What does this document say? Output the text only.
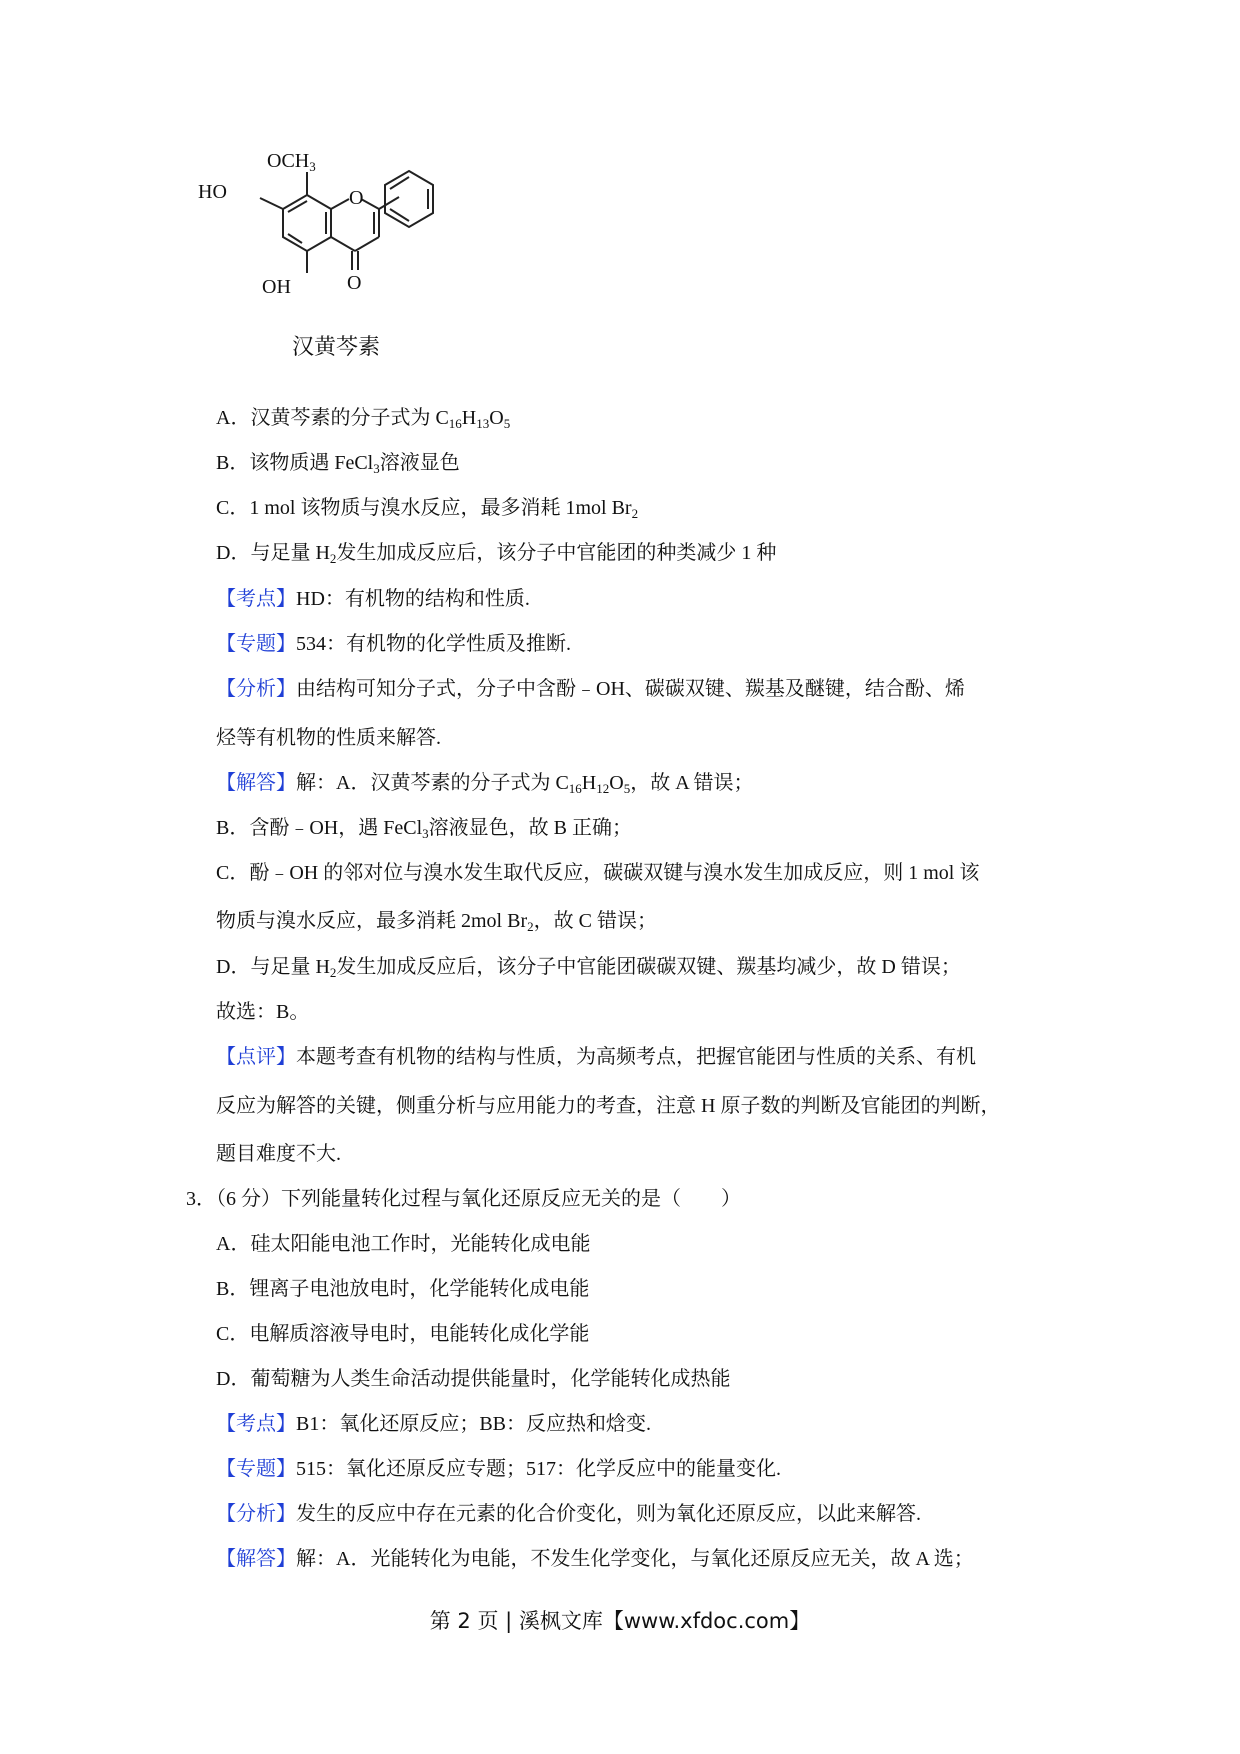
$OCH_3$
HO	O
OH	O
汉黄芩素
A．汉黄芩素的分子式为 $C_{16}H_{13}O_5$
B．该物质遇 FeCl$_3$溶液显色
C．1 mol 该物质与溴水反应，最多消耗 1mol $Br_2$
D．与足量 $H_2$发生加成反应后，该分子中官能团的种类减少 1 种
【考点】HD：有机物的结构和性质.
【专题】534：有机物的化学性质及推断.
【分析】由结构可知分子式，分子中含酚﹣OH、碳碳双键、羰基及醚键，结合酚、烯
烃等有机物的性质来解答.
【解答】解：A．汉黄芩素的分子式为 $C_{16}H_{12}O_5$，故 A 错误；
B．含酚﹣OH，遇 FeCl$_3$溶液显色，故 B 正确；
C．酚﹣OH 的邻对位与溴水发生取代反应，碳碳双键与溴水发生加成反应，则 1 mol 该
物质与溴水反应，最多消耗 2mol $Br_2$，故 C 错误；
D．与足量 $H_2$发生加成反应后，该分子中官能团碳碳双键、羰基均减少，故 D 错误；
故选：B。
【点评】本题考查有机物的结构与性质，为高频考点，把握官能团与性质的关系、有机
反应为解答的关键，侧重分析与应用能力的考查，注意 H 原子数的判断及官能团的判断，
题目难度不大.
3．（6 分）下列能量转化过程与氧化还原反应无关的是（　　）
A．硅太阳能电池工作时，光能转化成电能
B．锂离子电池放电时，化学能转化成电能
C．电解质溶液导电时，电能转化成化学能
D．葡萄糖为人类生命活动提供能量时，化学能转化成热能
【考点】B1：氧化还原反应；BB：反应热和焓变.
【专题】515：氧化还原反应专题；517：化学反应中的能量变化.
【分析】发生的反应中存在元素的化合价变化，则为氧化还原反应，以此来解答.
【解答】解：A．光能转化为电能，不发生化学变化，与氧化还原反应无关，故 A 选；
第 2 页 | 溪枫文库【www.xfdoc.com】
